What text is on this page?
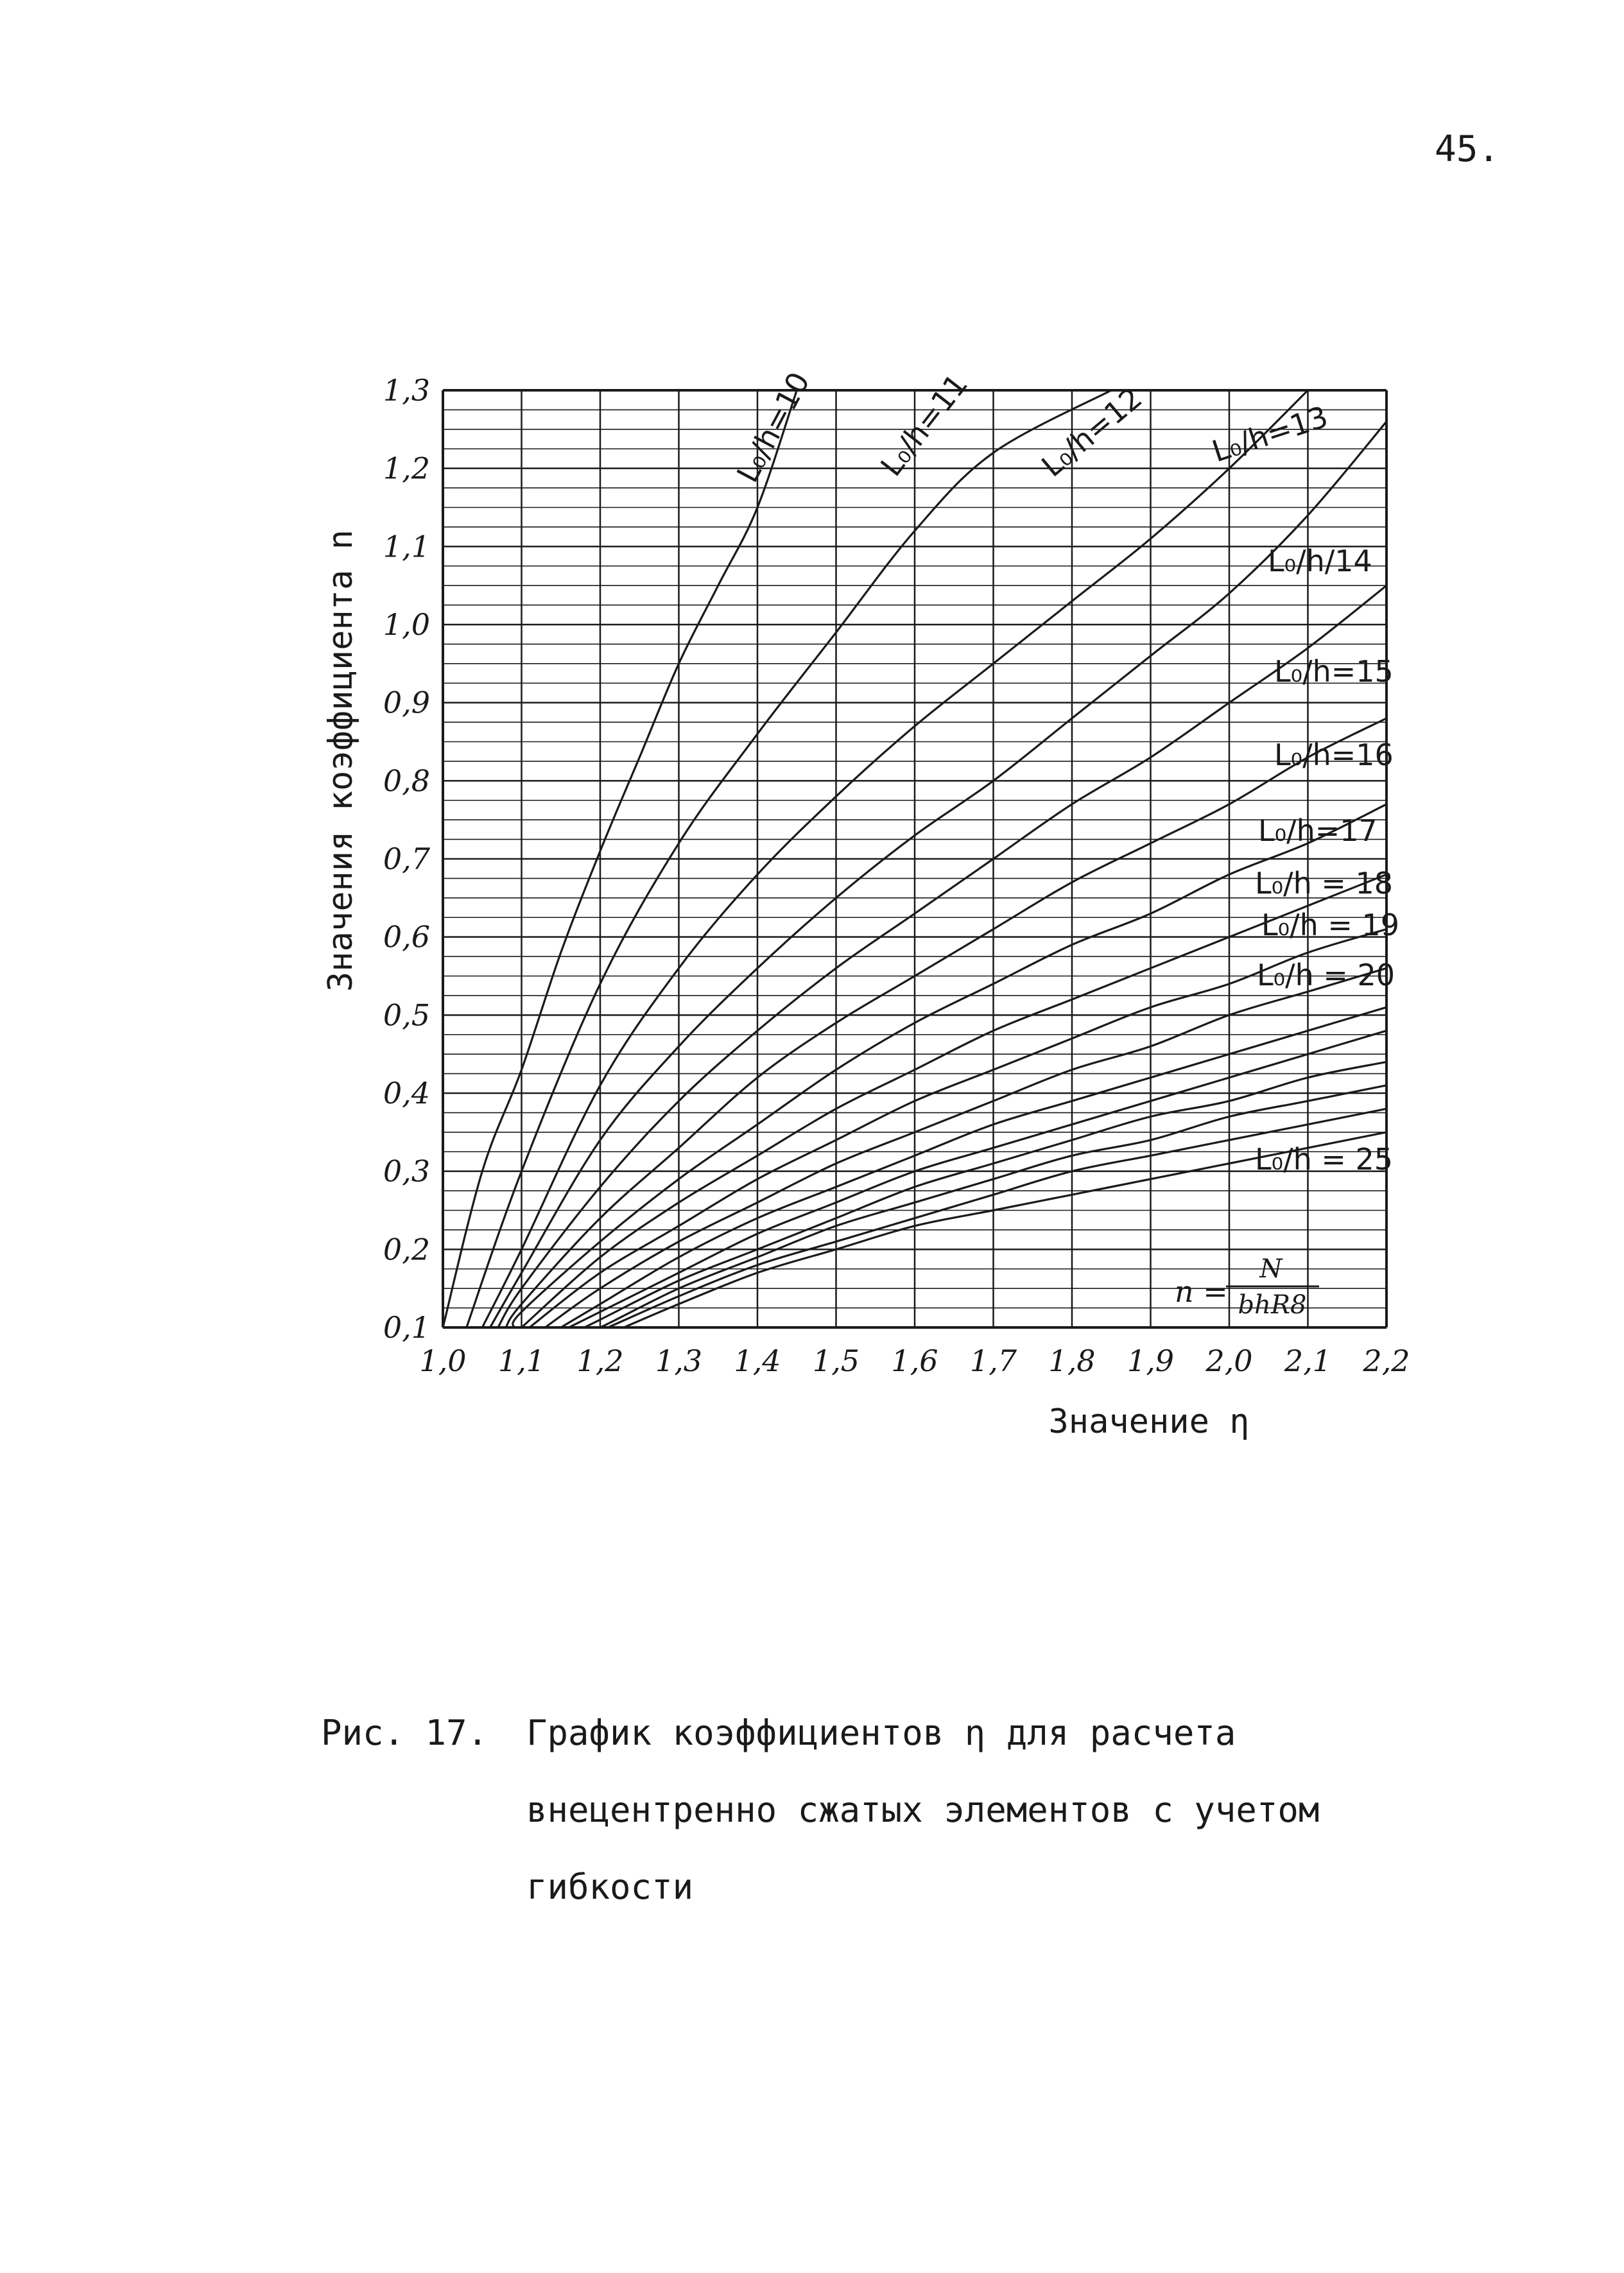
45.
1,0 1,1 1,2 1,3 1,4 1,5 1,6 1,7 1,8 1,9 2,0 2,1 2,2
0,1
0,2
0,3
0,4
0,5
0,6
0,7
0,8
0,9
1,0
1,1
1,2
1,3	L₀/h=10 L₀/h=11 L₀/h=12 L₀/h=13
L₀/h/14
L₀/h=15
L₀/h=16
L₀/h=17
L₀/h = 18
L₀/h = 19
L₀/h = 20
L₀/h = 25
Значение η
Значения коэффициента n
n =
N
bhR8
Рис. 17. График коэффициентов η для расчета
внецентренно сжатых элементов с учетом
гибкости
